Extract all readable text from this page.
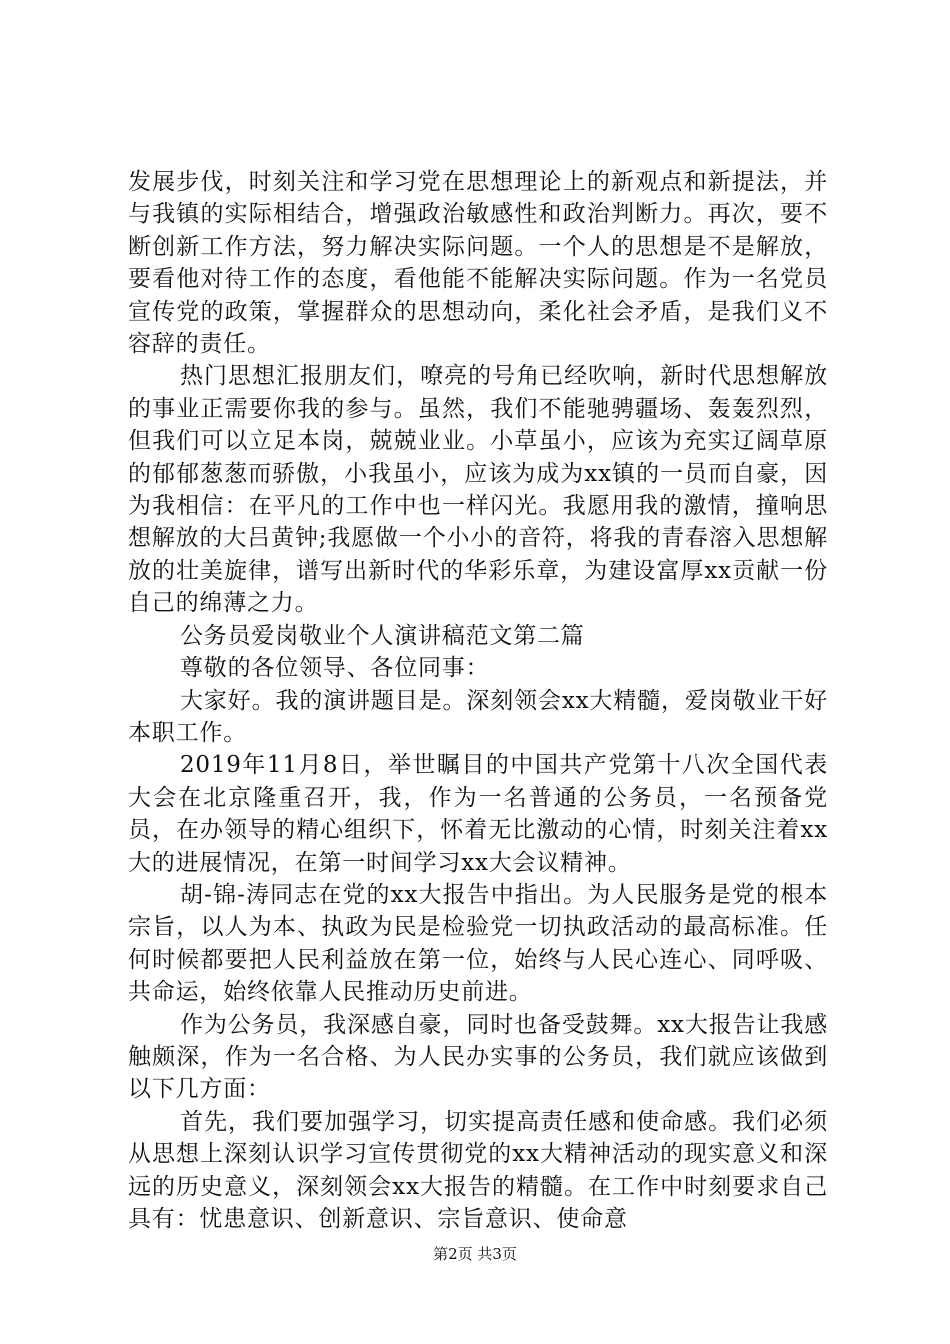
发展步伐，时刻关注和学习党在思想理论上的新观点和新提法，并与我镇的实际相结合，增强政治敏感性和政治判断力。再次，要不断创新工作方法，努力解决实际问题。一个人的思想是不是解放，要看他对待工作的态度，看他能不能解决实际问题。作为一名党员宣传党的政策，掌握群众的思想动向，柔化社会矛盾，是我们义不容辞的责任。

热门思想汇报朋友们，嘹亮的号角已经吹响，新时代思想解放的事业正需要你我的参与。虽然，我们不能驰骋疆场、轰轰烈烈，但我们可以立足本岗，兢兢业业。小草虽小，应该为充实辽阔草原的郁郁葱葱而骄傲，小我虽小，应该为成为xx镇的一员而自豪，因为我相信：在平凡的工作中也一样闪光。我愿用我的激情，撞响思想解放的大吕黄钟;我愿做一个小小的音符，将我的青春溶入思想解放的壮美旋律，谱写出新时代的华彩乐章，为建设富厚xx贡献一份自己的绵薄之力。

公务员爱岗敬业个人演讲稿范文第二篇

尊敬的各位领导、各位同事：

大家好。我的演讲题目是。深刻领会xx大精髓，爱岗敬业干好本职工作。

2019年11月8日，举世瞩目的中国共产党第十八次全国代表大会在北京隆重召开，我，作为一名普通的公务员，一名预备党员，在办领导的精心组织下，怀着无比激动的心情，时刻关注着xx大的进展情况，在第一时间学习xx大会议精神。

胡-锦-涛同志在党的xx大报告中指出。为人民服务是党的根本宗旨，以人为本、执政为民是检验党一切执政活动的最高标准。任何时候都要把人民利益放在第一位，始终与人民心连心、同呼吸、共命运，始终依靠人民推动历史前进。

作为公务员，我深感自豪，同时也备受鼓舞。xx大报告让我感触颇深，作为一名合格、为人民办实事的公务员，我们就应该做到以下几方面：

首先，我们要加强学习，切实提高责任感和使命感。我们必须从思想上深刻认识学习宣传贯彻党的xx大精神活动的现实意义和深远的历史意义，深刻领会xx大报告的精髓。在工作中时刻要求自己具有：忧患意识、创新意识、宗旨意识、使命意

第2页 共3页
